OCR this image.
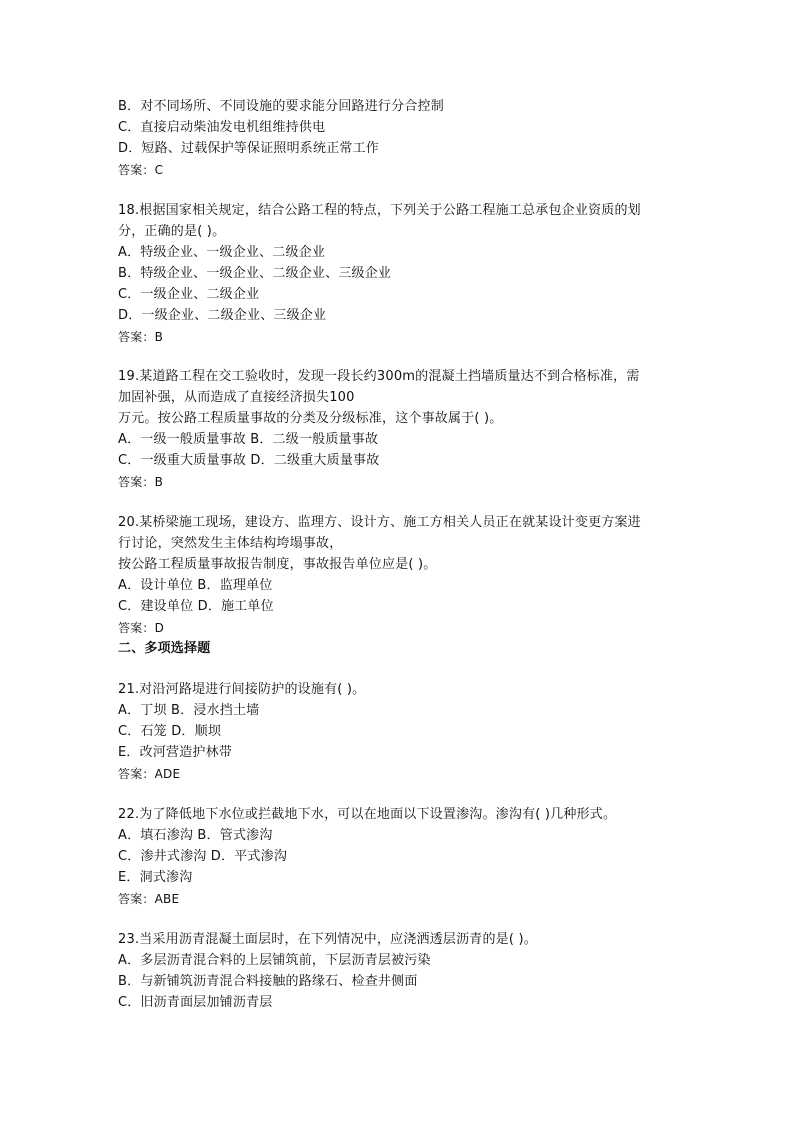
B．对不同场所、不同设施的要求能分回路进行分合控制
C．直接启动柴油发电机组维持供电
D．短路、过载保护等保证照明系统正常工作
答案：C
18.根据国家相关规定，结合公路工程的特点，下列关于公路工程施工总承包企业资质的划
分，正确的是( )。
A．特级企业、一级企业、二级企业
B．特级企业、一级企业、二级企业、三级企业
C．一级企业、二级企业
D．一级企业、二级企业、三级企业
答案：B
19.某道路工程在交工验收时，发现一段长约300m的混凝土挡墙质量达不到合格标准，需
加固补强，从而造成了直接经济损失100
万元。按公路工程质量事故的分类及分级标准，这个事故属于( )。
A．一级一般质量事故 B．二级一般质量事故
C．一级重大质量事故 D．二级重大质量事故
答案：B
20.某桥梁施工现场，建设方、监理方、设计方、施工方相关人员正在就某设计变更方案进
行讨论，突然发生主体结构垮塌事故，
按公路工程质量事故报告制度，事故报告单位应是( )。
A．设计单位 B．监理单位
C．建设单位 D．施工单位
答案：D
二、多项选择题
21.对沿河路堤进行间接防护的设施有( )。
A．丁坝 B．浸水挡土墙
C．石笼 D．顺坝
E．改河营造护林带
答案：ADE
22.为了降低地下水位或拦截地下水，可以在地面以下设置渗沟。渗沟有( )几种形式。
A．填石渗沟 B．管式渗沟
C．渗井式渗沟 D．平式渗沟
E．洞式渗沟
答案：ABE
23.当采用沥青混凝土面层时，在下列情况中，应浇洒透层沥青的是( )。
A．多层沥青混合料的上层铺筑前，下层沥青层被污染
B．与新铺筑沥青混合料接触的路缘石、检查井侧面
C．旧沥青面层加铺沥青层
